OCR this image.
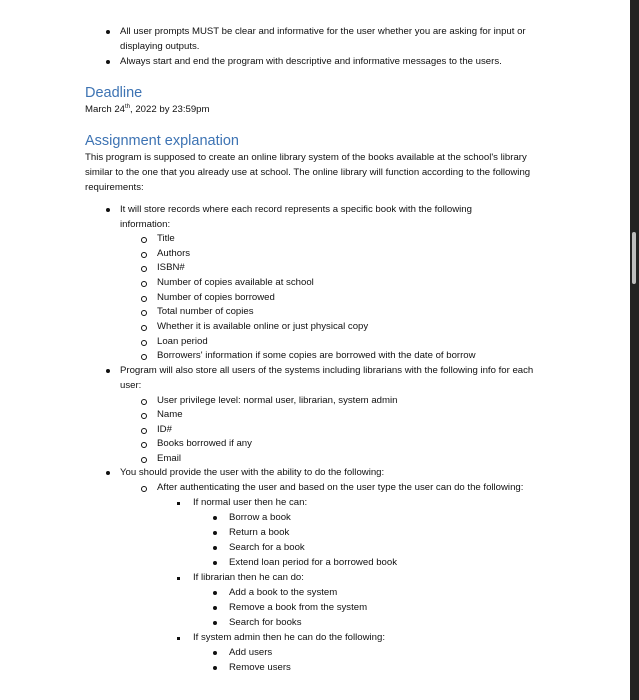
All user prompts MUST be clear and informative for the user whether you are asking for input or displaying outputs.
Always start and end the program with descriptive and informative messages to the users.
Deadline
March 24th, 2022 by 23:59pm
Assignment explanation
This program is supposed to create an online library system of the books available at the school's library similar to the one that you already use at school. The online library will function according to the following requirements:
It will store records where each record represents a specific book with the following information:
Title
Authors
ISBN#
Number of copies available at school
Number of copies borrowed
Total number of copies
Whether it is available online or just physical copy
Loan period
Borrowers' information if some copies are borrowed with the date of borrow
Program will also store all users of the systems including librarians with the following info for each user:
User privilege level: normal user, librarian, system admin
Name
ID#
Books borrowed if any
Email
You should provide the user with the ability to do the following:
After authenticating the user and based on the user type the user can do the following:
If normal user then he can:
Borrow a book
Return a book
Search for a book
Extend loan period for a borrowed book
If librarian then he can do:
Add a book to the system
Remove a book from the system
Search for books
If system admin then he can do the following:
Add users
Remove users
